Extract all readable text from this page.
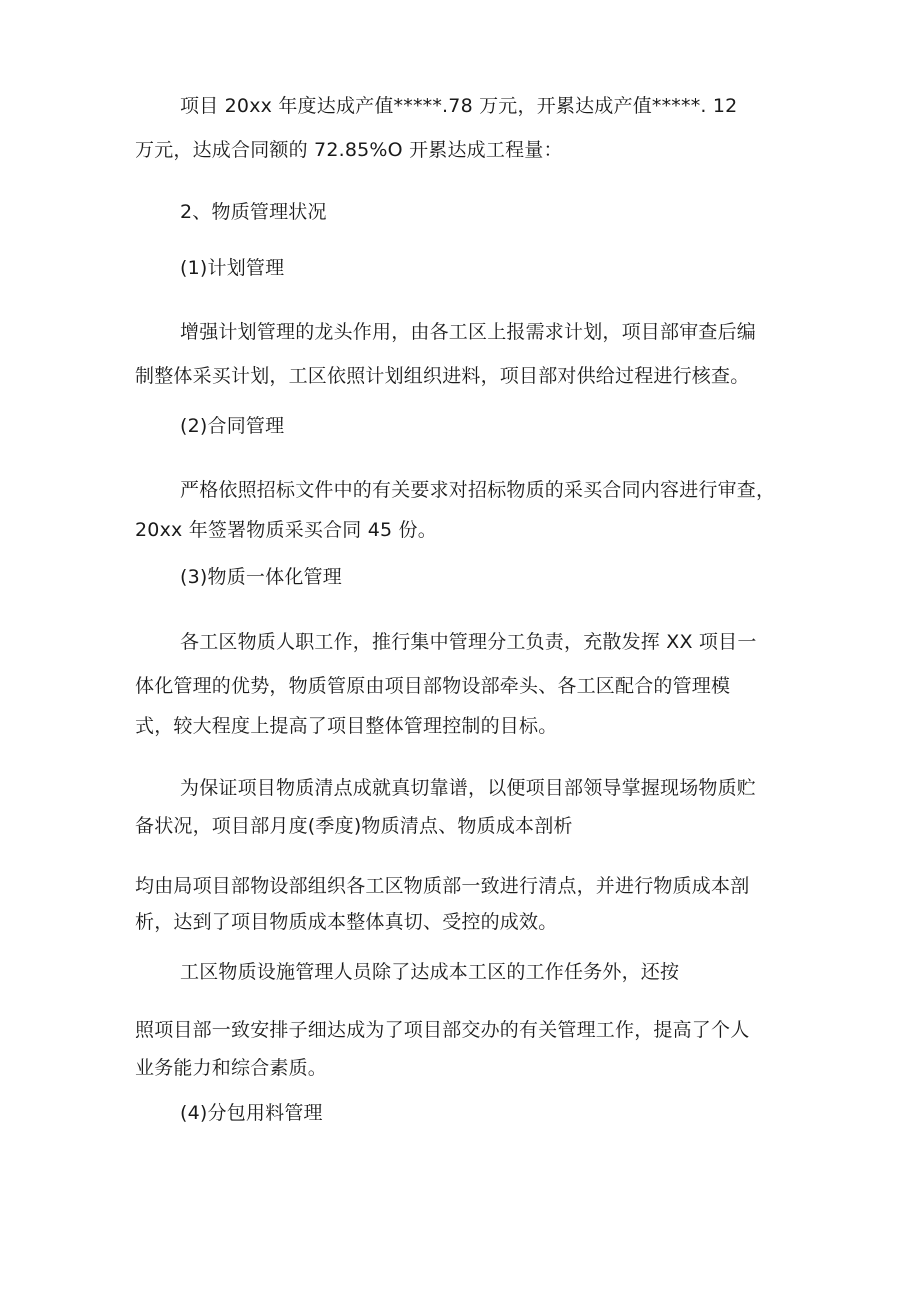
项目 20xx 年度达成产值*****.78 万元，开累达成产值*****. 12
万元，达成合同额的 72.85%O 开累达成工程量：
2、物质管理状况
(1)计划管理
增强计划管理的龙头作用，由各工区上报需求计划，项目部审查后编
制整体采买计划，工区依照计划组织进料，项目部对供给过程进行核查。
(2)合同管理
严格依照招标文件中的有关要求对招标物质的采买合同内容进行审查，
20xx 年签署物质采买合同 45 份。
(3)物质一体化管理
各工区物质人职工作，推行集中管理分工负责，充散发挥 XX 项目一
体化管理的优势，物质管原由项目部物设部牵头、各工区配合的管理模
式，较大程度上提高了项目整体管理控制的目标。
为保证项目物质清点成就真切靠谱，以便项目部领导掌握现场物质贮
备状况，项目部月度(季度)物质清点、物质成本剖析
均由局项目部物设部组织各工区物质部一致进行清点，并进行物质成本剖
析，达到了项目物质成本整体真切、受控的成效。
工区物质设施管理人员除了达成本工区的工作任务外，还按
照项目部一致安排子细达成为了项目部交办的有关管理工作，提高了个人
业务能力和综合素质。
(4)分包用料管理
